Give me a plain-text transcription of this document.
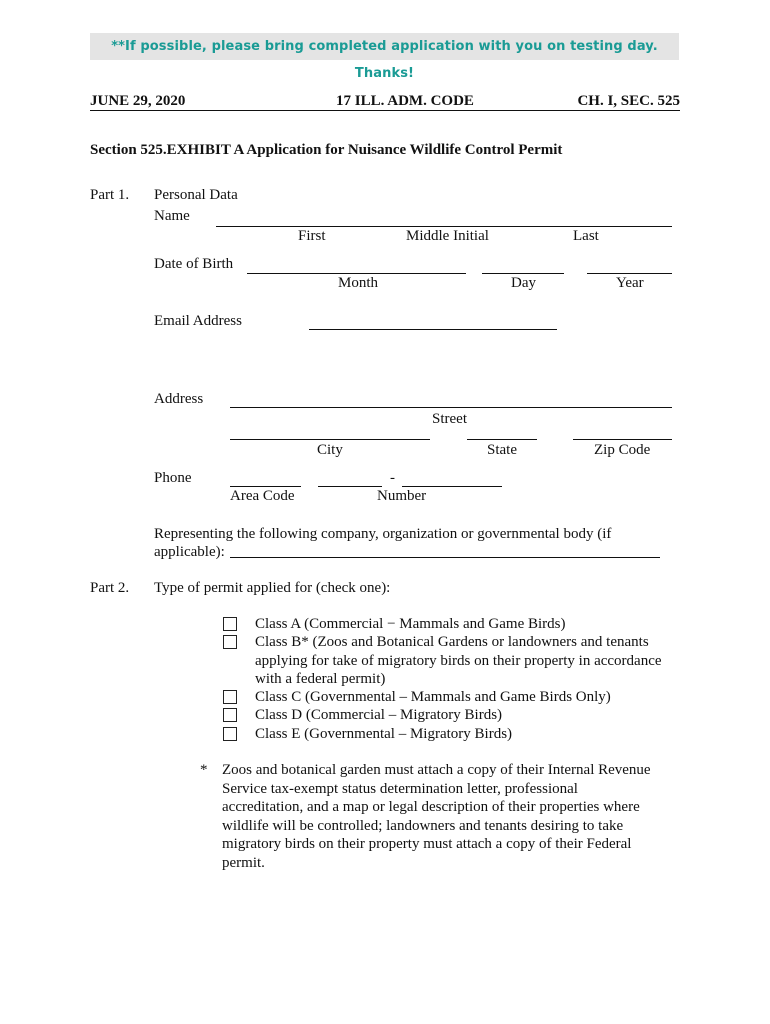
**If possible, please bring completed application with you on testing day. Thanks!
JUNE 29, 2020	17 ILL. ADM. CODE	CH. I, SEC. 525
Section 525.EXHIBIT A Application for Nuisance Wildlife Control Permit
Part 1. Personal Data
Name
First	Middle Initial	Last
Date of Birth
Month	Day	Year
Email Address
Address
Street
City	State	Zip Code
Phone	-
Area Code	Number
Representing the following company, organization or governmental body (if
applicable):
Part 2. Type of permit applied for (check one):
Class A (Commercial − Mammals and Game Birds)
Class B* (Zoos and Botanical Gardens or landowners and tenants
applying for take of migratory birds on their property in accordance
with a federal permit)
Class C (Governmental – Mammals and Game Birds Only)
Class D (Commercial – Migratory Birds)
Class E (Governmental – Migratory Birds)
* Zoos and botanical garden must attach a copy of their Internal Revenue
Service tax-exempt status determination letter, professional
accreditation, and a map or legal description of their properties where
wildlife will be controlled; landowners and tenants desiring to take
migratory birds on their property must attach a copy of their Federal
permit.
